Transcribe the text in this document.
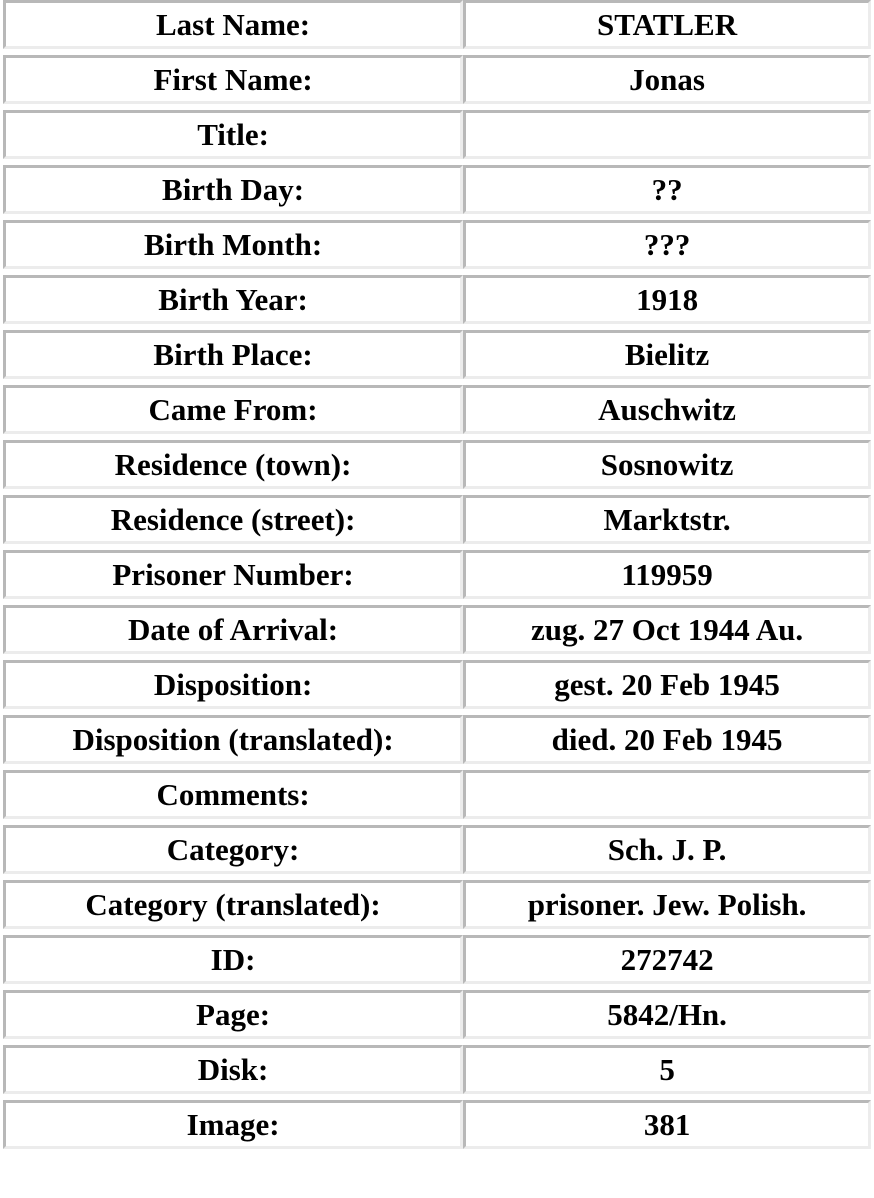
Last Name:	STATLER

First Name:	Jonas

Title:	

Birth Day:	??

Birth Month:	???

Birth Year:	1918

Birth Place:	Bielitz

Came From:	Auschwitz

Residence (town):	Sosnowitz

Residence (street):	Marktstr.

Prisoner Number:	119959

Date of Arrival:	zug. 27 Oct 1944 Au.

Disposition:	gest. 20 Feb 1945

Disposition (translated):	died. 20 Feb 1945

Comments:	

Category:	Sch. J. P.

Category (translated):	prisoner. Jew. Polish.

ID:	272742

Page:	5842/Hn.

Disk:	5

Image:	381
